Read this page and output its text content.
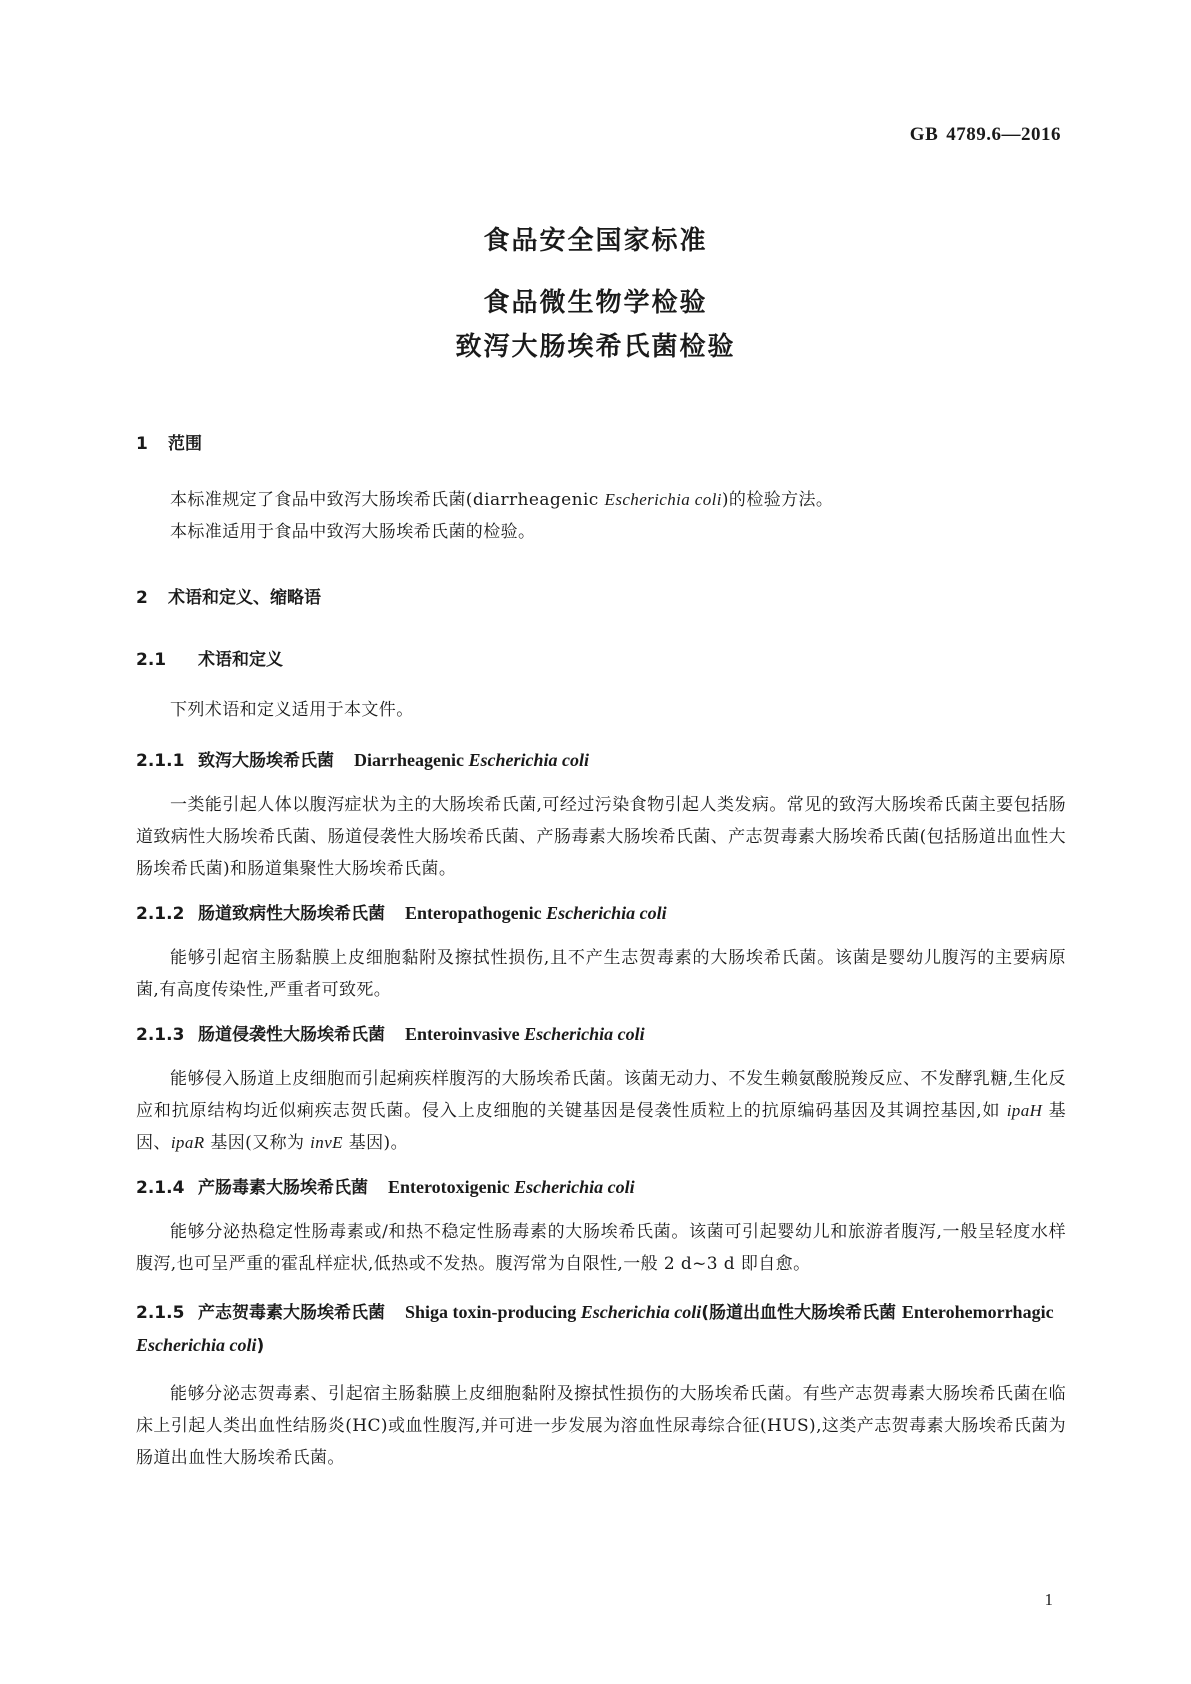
GB 4789.6—2016
食品安全国家标准
食品微生物学检验
致泻大肠埃希氏菌检验
1 范围

本标准规定了食品中致泻大肠埃希氏菌(diarrheagenic Escherichia coli)的检验方法。

本标准适用于食品中致泻大肠埃希氏菌的检验。

2 术语和定义、缩略语
2.1 术语和定义

下列术语和定义适用于本文件。

2.1.1 致泻大肠埃希氏菌 Diarrheagenic Escherichia coli

一类能引起人体以腹泻症状为主的大肠埃希氏菌,可经过污染食物引起人类发病。常见的致泻大肠埃希氏菌主要包括肠道致病性大肠埃希氏菌、肠道侵袭性大肠埃希氏菌、产肠毒素大肠埃希氏菌、产志贺毒素大肠埃希氏菌(包括肠道出血性大肠埃希氏菌)和肠道集聚性大肠埃希氏菌。

2.1.2 肠道致病性大肠埃希氏菌 Enteropathogenic Escherichia coli

能够引起宿主肠黏膜上皮细胞黏附及擦拭性损伤,且不产生志贺毒素的大肠埃希氏菌。该菌是婴幼儿腹泻的主要病原菌,有高度传染性,严重者可致死。

2.1.3 肠道侵袭性大肠埃希氏菌 Enteroinvasive Escherichia coli

能够侵入肠道上皮细胞而引起痢疾样腹泻的大肠埃希氏菌。该菌无动力、不发生赖氨酸脱羧反应、不发酵乳糖,生化反应和抗原结构均近似痢疾志贺氏菌。侵入上皮细胞的关键基因是侵袭性质粒上的抗原编码基因及其调控基因,如 ipaH 基因、ipaR 基因(又称为 invE 基因)。

2.1.4 产肠毒素大肠埃希氏菌 Enterotoxigenic Escherichia coli

能够分泌热稳定性肠毒素或/和热不稳定性肠毒素的大肠埃希氏菌。该菌可引起婴幼儿和旅游者腹泻,一般呈轻度水样腹泻,也可呈严重的霍乱样症状,低热或不发热。腹泻常为自限性,一般 2 d~3 d 即自愈。

2.1.5 产志贺毒素大肠埃希氏菌 Shiga toxin-producing Escherichia coli(肠道出血性大肠埃希氏菌 Enterohemorrhagic Escherichia coli)

能够分泌志贺毒素、引起宿主肠黏膜上皮细胞黏附及擦拭性损伤的大肠埃希氏菌。有些产志贺毒素大肠埃希氏菌在临床上引起人类出血性结肠炎(HC)或血性腹泻,并可进一步发展为溶血性尿毒综合征(HUS),这类产志贺毒素大肠埃希氏菌为肠道出血性大肠埃希氏菌。

1
